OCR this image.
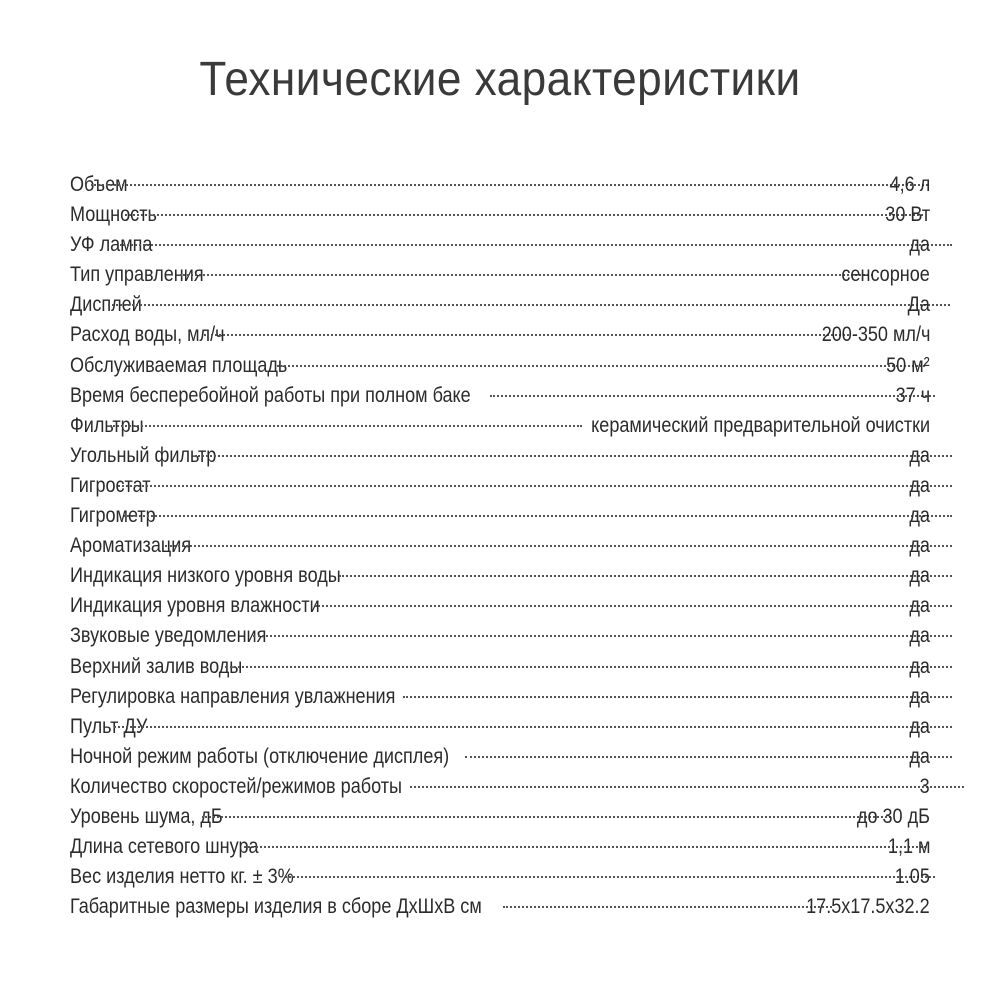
Технические характеристики
Объем	4,6 л
Мощность	30 Вт
УФ лампа	да
Тип управления	сенсорное
Дисплей	Да
Расход воды, мл/ч	200-350 мл/ч
Обслуживаемая площадь	50 м²
Время бесперебойной работы при полном баке	37 ч
Фильтры	керамический предварительной очистки
Угольный фильтр	да
Гигростат	да
Гигрометр	да
Ароматизация	да
Индикация низкого уровня воды	да
Индикация уровня влажности	да
Звуковые уведомления	да
Верхний залив воды	да
Регулировка направления увлажнения	да
Пульт ДУ	да
Ночной режим работы (отключение дисплея)	да
Количество скоростей/режимов работы	3
Уровень шума, дБ	до 30 дБ
Длина сетевого шнура	1,1 м
Вес изделия нетто кг. ± 3%	1.05
Габаритные размеры изделия в сборе ДхШхВ см	17.5x17.5x32.2
